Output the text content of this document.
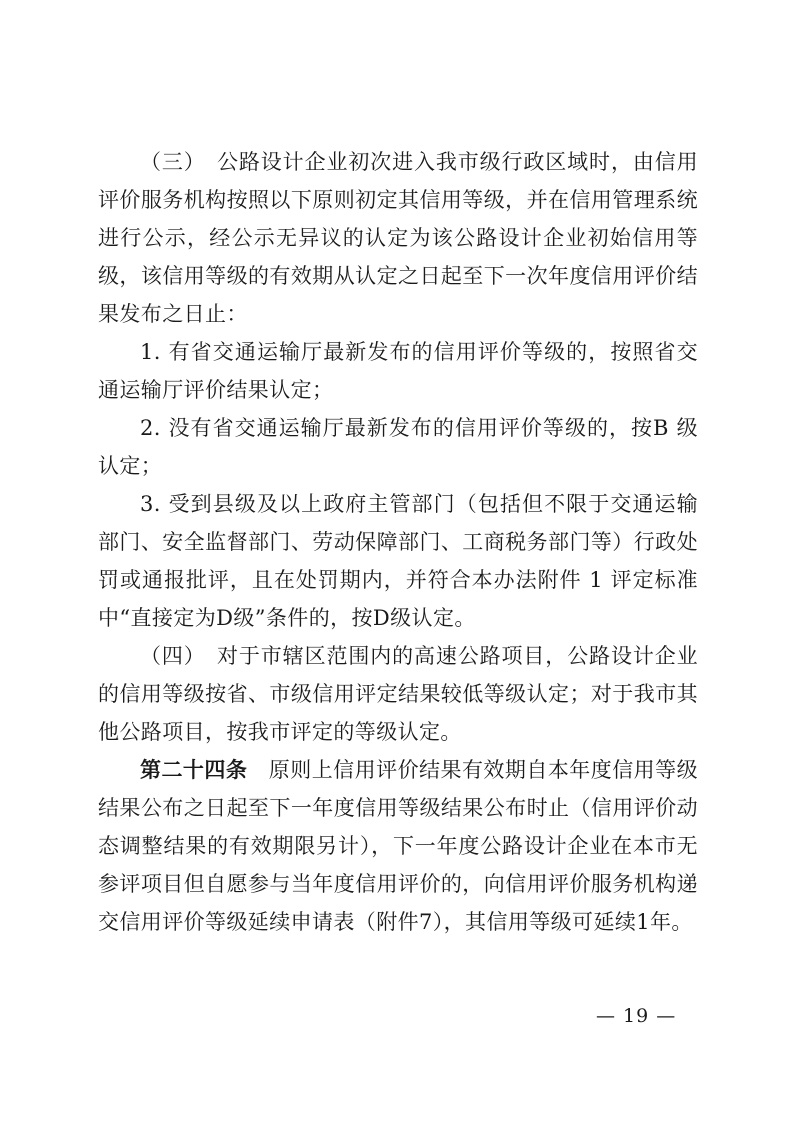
（三）　公路设计企业初次进入我市级行政区域时，由信用评价服务机构按照以下原则初定其信用等级，并在信用管理系统进行公示，经公示无异议的认定为该公路设计企业初始信用等级，该信用等级的有效期从认定之日起至下一次年度信用评价结果发布之日止：

1. 有省交通运输厅最新发布的信用评价等级的，按照省交通运输厅评价结果认定；

2. 没有省交通运输厅最新发布的信用评价等级的，按B 级认定；

3. 受到县级及以上政府主管部门（包括但不限于交通运输部门、安全监督部门、劳动保障部门、工商税务部门等）行政处罚或通报批评，且在处罚期内，并符合本办法附件 1 评定标准中“直接定为D级”条件的，按D级认定。

（四）　对于市辖区范围内的高速公路项目，公路设计企业的信用等级按省、市级信用评定结果较低等级认定；对于我市其他公路项目，按我市评定的等级认定。

第二十四条　原则上信用评价结果有效期自本年度信用等级结果公布之日起至下一年度信用等级结果公布时止（信用评价动态调整结果的有效期限另计），下一年度公路设计企业在本市无参评项目但自愿参与当年度信用评价的，向信用评价服务机构递交信用评价等级延续申请表（附件7），其信用等级可延续1年。

— 19 —
